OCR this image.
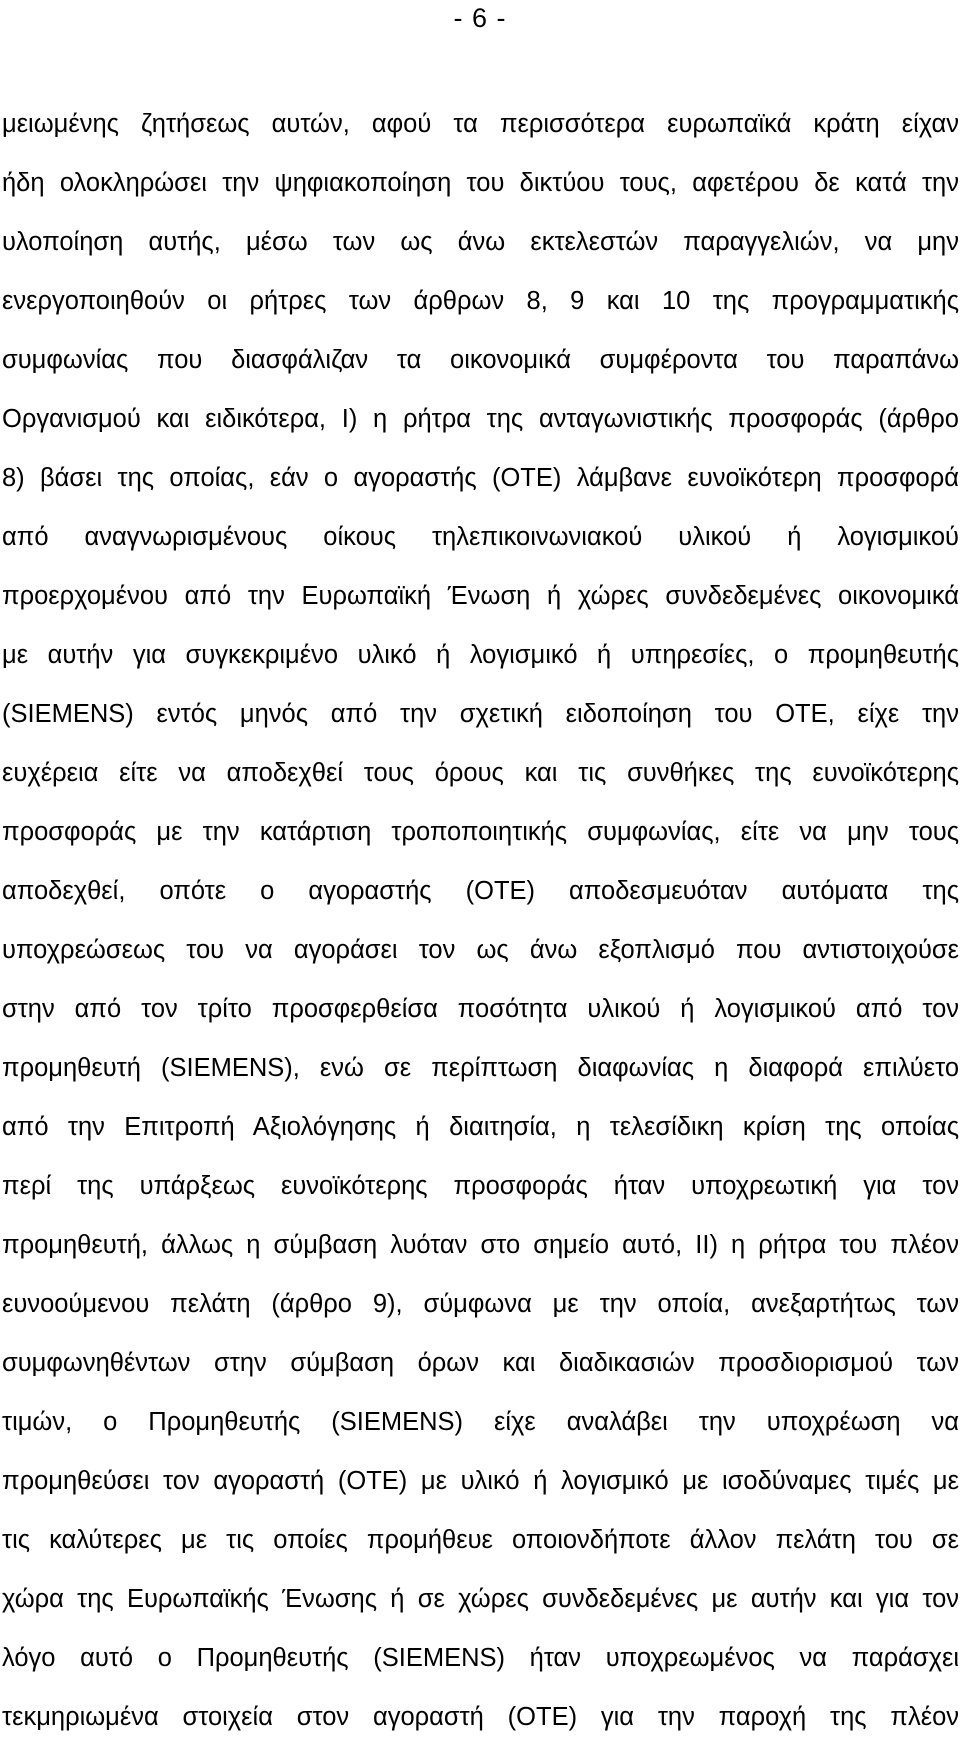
- 6 -
μειωμένης ζητήσεως αυτών, αφού τα περισσότερα ευρωπαϊκά κράτη είχαν
ήδη ολοκληρώσει την ψηφιακοποίηση του δικτύου τους, αφετέρου δε κατά την
υλοποίηση αυτής, μέσω των ως άνω εκτελεστών παραγγελιών, να μην
ενεργοποιηθούν οι ρήτρες των άρθρων 8, 9 και 10 της προγραμματικής
συμφωνίας που διασφάλιζαν τα οικονομικά συμφέροντα του παραπάνω
Οργανισμού και ειδικότερα, Ι) η ρήτρα της ανταγωνιστικής προσφοράς (άρθρο
8) βάσει της οποίας, εάν ο αγοραστής (ΟΤΕ) λάμβανε ευνοϊκότερη προσφορά
από αναγνωρισμένους οίκους τηλεπικοινωνιακού υλικού ή λογισμικού
προερχομένου από την Ευρωπαϊκή Ένωση ή χώρες συνδεδεμένες οικονομικά
με αυτήν για συγκεκριμένο υλικό ή λογισμικό ή υπηρεσίες, ο προμηθευτής
(SIEMENS) εντός μηνός από την σχετική ειδοποίηση του ΟΤΕ, είχε την
ευχέρεια είτε να αποδεχθεί τους όρους και τις συνθήκες της ευνοϊκότερης
προσφοράς με την κατάρτιση τροποποιητικής συμφωνίας, είτε να μην τους
αποδεχθεί, οπότε ο αγοραστής (ΟΤΕ) αποδεσμευόταν αυτόματα της
υποχρεώσεως του να αγοράσει τον ως άνω εξοπλισμό που αντιστοιχούσε
στην από τον τρίτο προσφερθείσα ποσότητα υλικού ή λογισμικού από τον
προμηθευτή (SIEMENS), ενώ σε περίπτωση διαφωνίας η διαφορά επιλύετο
από την Επιτροπή Αξιολόγησης ή διαιτησία, η τελεσίδικη κρίση της οποίας
περί της υπάρξεως ευνοϊκότερης προσφοράς ήταν υποχρεωτική για τον
προμηθευτή, άλλως η σύμβαση λυόταν στο σημείο αυτό, ΙΙ) η ρήτρα του πλέον
ευνοούμενου πελάτη (άρθρο 9), σύμφωνα με την οποία, ανεξαρτήτως των
συμφωνηθέντων στην σύμβαση όρων και διαδικασιών προσδιορισμού των
τιμών, ο Προμηθευτής (SIEMENS) είχε αναλάβει την υποχρέωση να
προμηθεύσει τον αγοραστή (ΟΤΕ) με υλικό ή λογισμικό με ισοδύναμες τιμές με
τις καλύτερες με τις οποίες προμήθευε οποιονδήποτε άλλον πελάτη του σε
χώρα της Ευρωπαϊκής Ένωσης ή σε χώρες συνδεδεμένες με αυτήν και για τον
λόγο αυτό ο Προμηθευτής (SIEMENS) ήταν υποχρεωμένος να παράσχει
τεκμηριωμένα στοιχεία στον αγοραστή (ΟΤΕ) για την παροχή της πλέον
